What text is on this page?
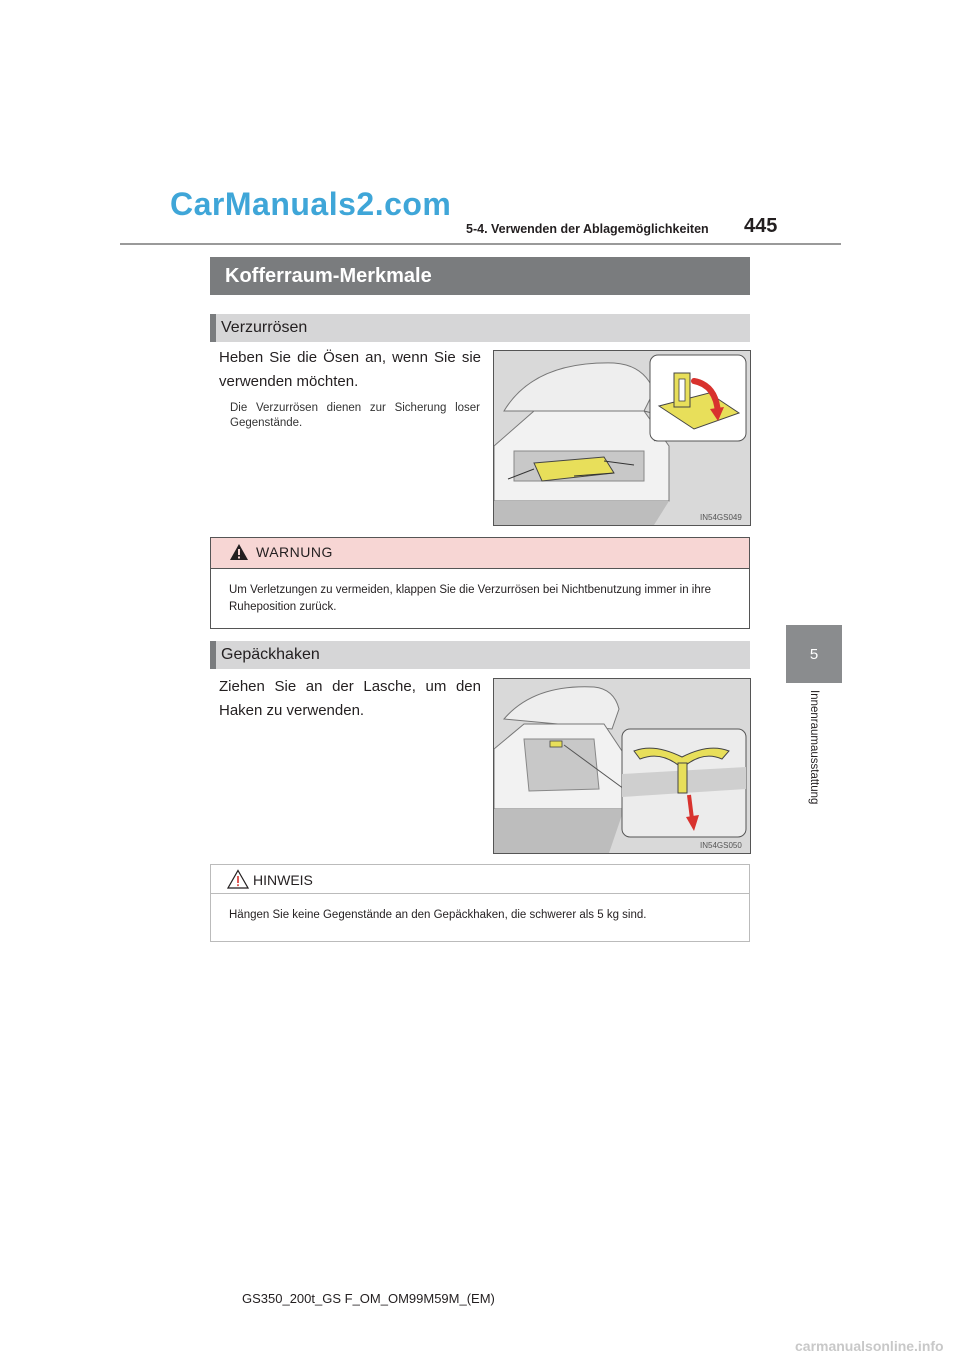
CarManuals2.com
5-4. Verwenden der Ablagemöglichkeiten 445
5
Innenraumausstattung
Kofferraum-Merkmale
Verzurrösen
Heben Sie die Ösen an, wenn Sie sie verwenden möchten.
Die Verzurrösen dienen zur Sicherung loser Gegenstände.
IN54GS049
WARNUNG
Um Verletzungen zu vermeiden, klappen Sie die Verzurrösen bei Nichtbenutzung immer in ihre Ruheposition zurück.
Gepäckhaken
Ziehen Sie an der Lasche, um den Haken zu verwenden.
IN54GS050
HINWEIS
Hängen Sie keine Gegenstände an den Gepäckhaken, die schwerer als 5 kg sind.
GS350_200t_GS F_OM_OM99M59M_(EM)
carmanualsonline.info
